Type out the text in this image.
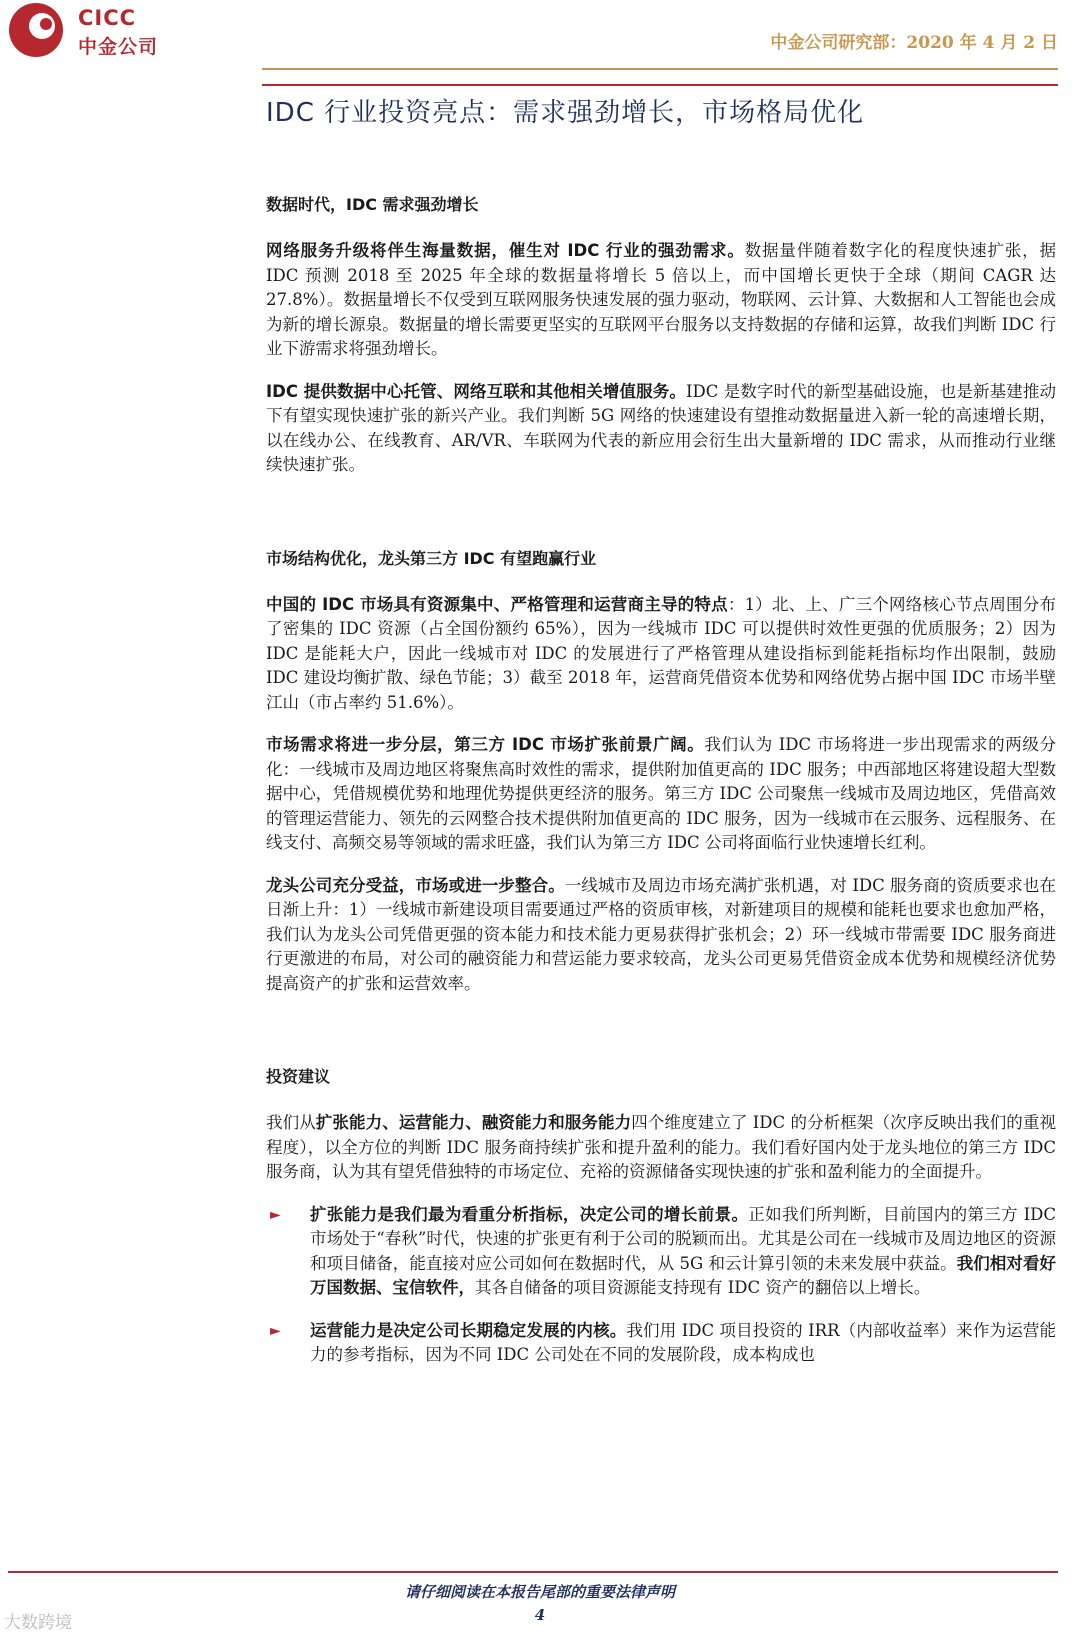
CICC
中金公司	中金公司研究部：2020 年 4 月 2 日
IDC 行业投资亮点：需求强劲增长，市场格局优化
数据时代，IDC 需求强劲增长

网络服务升级将伴生海量数据，催生对 IDC 行业的强劲需求。数据量伴随着数字化的程度快速扩张，据 IDC 预测 2018 至 2025 年全球的数据量将增长 5 倍以上，而中国增长更快于全球（期间 CAGR 达 27.8%）。数据量增长不仅受到互联网服务快速发展的强力驱动，物联网、云计算、大数据和人工智能也会成为新的增长源泉。数据量的增长需要更坚实的互联网平台服务以支持数据的存储和运算，故我们判断 IDC 行业下游需求将强劲增长。

IDC 提供数据中心托管、网络互联和其他相关增值服务。IDC 是数字时代的新型基础设施，也是新基建推动下有望实现快速扩张的新兴产业。我们判断 5G 网络的快速建设有望推动数据量进入新一轮的高速增长期，以在线办公、在线教育、AR/VR、车联网为代表的新应用会衍生出大量新增的 IDC 需求，从而推动行业继续快速扩张。

市场结构优化，龙头第三方 IDC 有望跑赢行业

中国的 IDC 市场具有资源集中、严格管理和运营商主导的特点：1）北、上、广三个网络核心节点周围分布了密集的 IDC 资源（占全国份额约 65%），因为一线城市 IDC 可以提供时效性更强的优质服务；2）因为 IDC 是能耗大户，因此一线城市对 IDC 的发展进行了严格管理从建设指标到能耗指标均作出限制，鼓励 IDC 建设均衡扩散、绿色节能；3）截至 2018 年，运营商凭借资本优势和网络优势占据中国 IDC 市场半壁江山（市占率约 51.6%）。

市场需求将进一步分层，第三方 IDC 市场扩张前景广阔。我们认为 IDC 市场将进一步出现需求的两级分化：一线城市及周边地区将聚焦高时效性的需求，提供附加值更高的 IDC 服务；中西部地区将建设超大型数据中心，凭借规模优势和地理优势提供更经济的服务。第三方 IDC 公司聚焦一线城市及周边地区，凭借高效的管理运营能力、领先的云网整合技术提供附加值更高的 IDC 服务，因为一线城市在云服务、远程服务、在线支付、高频交易等领域的需求旺盛，我们认为第三方 IDC 公司将面临行业快速增长红利。

龙头公司充分受益，市场或进一步整合。一线城市及周边市场充满扩张机遇，对 IDC 服务商的资质要求也在日渐上升：1）一线城市新建设项目需要通过严格的资质审核，对新建项目的规模和能耗也要求也愈加严格，我们认为龙头公司凭借更强的资本能力和技术能力更易获得扩张机会；2）环一线城市带需要 IDC 服务商进行更激进的布局，对公司的融资能力和营运能力要求较高，龙头公司更易凭借资金成本优势和规模经济优势提高资产的扩张和运营效率。

投资建议

我们从扩张能力、运营能力、融资能力和服务能力四个维度建立了 IDC 的分析框架（次序反映出我们的重视程度），以全方位的判断 IDC 服务商持续扩张和提升盈利的能力。我们看好国内处于龙头地位的第三方 IDC 服务商，认为其有望凭借独特的市场定位、充裕的资源储备实现快速的扩张和盈利能力的全面提升。

► 扩张能力是我们最为看重分析指标，决定公司的增长前景。正如我们所判断，目前国内的第三方 IDC 市场处于“春秋”时代，快速的扩张更有利于公司的脱颖而出。尤其是公司在一线城市及周边地区的资源和项目储备，能直接对应公司如何在数据时代，从 5G 和云计算引领的未来发展中获益。我们相对看好万国数据、宝信软件，其各自储备的项目资源能支持现有 IDC 资产的翻倍以上增长。
► 运营能力是决定公司长期稳定发展的内核。我们用 IDC 项目投资的 IRR（内部收益率）来作为运营能力的参考指标，因为不同 IDC 公司处在不同的发展阶段，成本构成也
请仔细阅读在本报告尾部的重要法律声明
4
大数跨境
